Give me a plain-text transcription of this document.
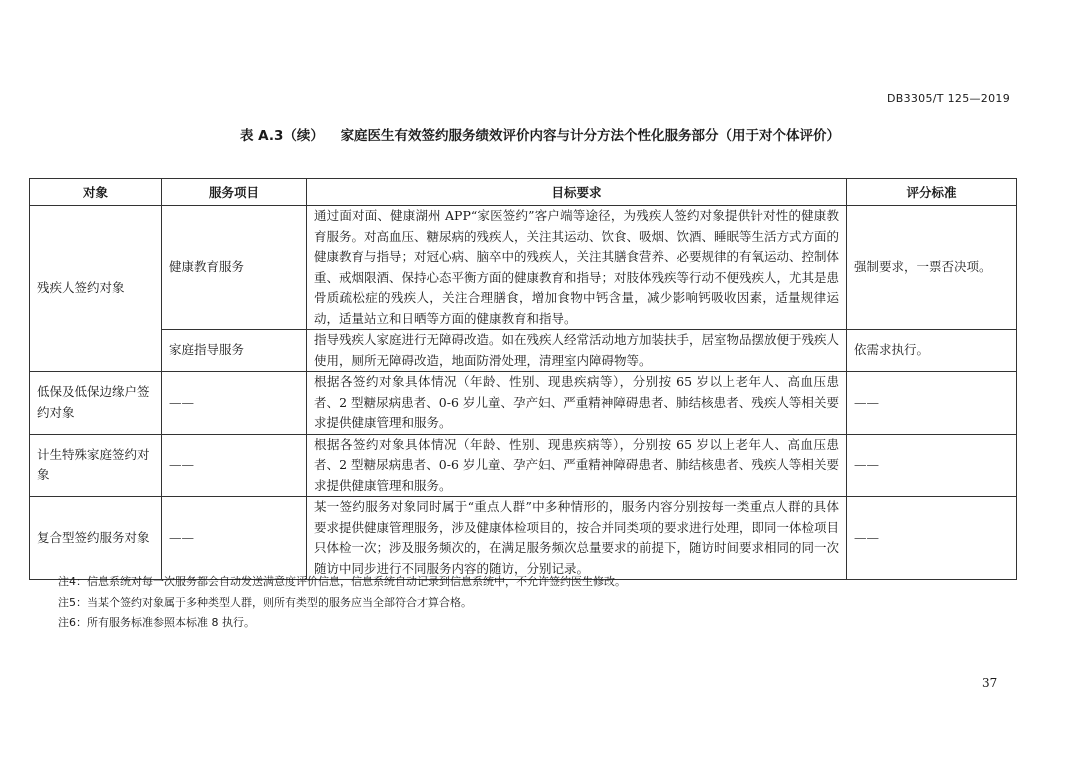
DB3305/T 125—2019
表 A.3（续） 家庭医生有效签约服务绩效评价内容与计分方法个性化服务部分（用于对个体评价）
对象	服务项目	目标要求	评分标准
残疾人签约对象	健康教育服务	通过面对面、健康湖州 APP“家医签约”客户端等途径，为残疾人签约对象提供针对性的健康教育服务。对高血压、糖尿病的残疾人，关注其运动、饮食、吸烟、饮酒、睡眠等生活方式方面的健康教育与指导；对冠心病、脑卒中的残疾人，关注其膳食营养、必要规律的有氧运动、控制体重、戒烟限酒、保持心态平衡方面的健康教育和指导；对肢体残疾等行动不便残疾人，尤其是患骨质疏松症的残疾人，关注合理膳食，增加食物中钙含量，减少影响钙吸收因素，适量规律运动，适量站立和日晒等方面的健康教育和指导。	强制要求，一票否决项。
	家庭指导服务	指导残疾人家庭进行无障碍改造。如在残疾人经常活动地方加装扶手，居室物品摆放便于残疾人使用，厕所无障碍改造，地面防滑处理，清理室内障碍物等。	依需求执行。
低保及低保边缘户签约对象	——	根据各签约对象具体情况（年龄、性别、现患疾病等），分别按 65 岁以上老年人、高血压患者、2 型糖尿病患者、0-6 岁儿童、孕产妇、严重精神障碍患者、肺结核患者、残疾人等相关要求提供健康管理和服务。	——
计生特殊家庭签约对象	——	根据各签约对象具体情况（年龄、性别、现患疾病等），分别按 65 岁以上老年人、高血压患者、2 型糖尿病患者、0-6 岁儿童、孕产妇、严重精神障碍患者、肺结核患者、残疾人等相关要求提供健康管理和服务。	——
复合型签约服务对象	——	某一签约服务对象同时属于“重点人群”中多种情形的，服务内容分别按每一类重点人群的具体要求提供健康管理服务，涉及健康体检项目的，按合并同类项的要求进行处理，即同一体检项目只体检一次；涉及服务频次的，在满足服务频次总量要求的前提下，随访时间要求相同的同一次随访中同步进行不同服务内容的随访，分别记录。	——
注4：信息系统对每一次服务都会自动发送满意度评价信息，信息系统自动记录到信息系统中，不允许签约医生修改。
注5：当某个签约对象属于多种类型人群，则所有类型的服务应当全部符合才算合格。
注6：所有服务标准参照本标准 8 执行。
37
